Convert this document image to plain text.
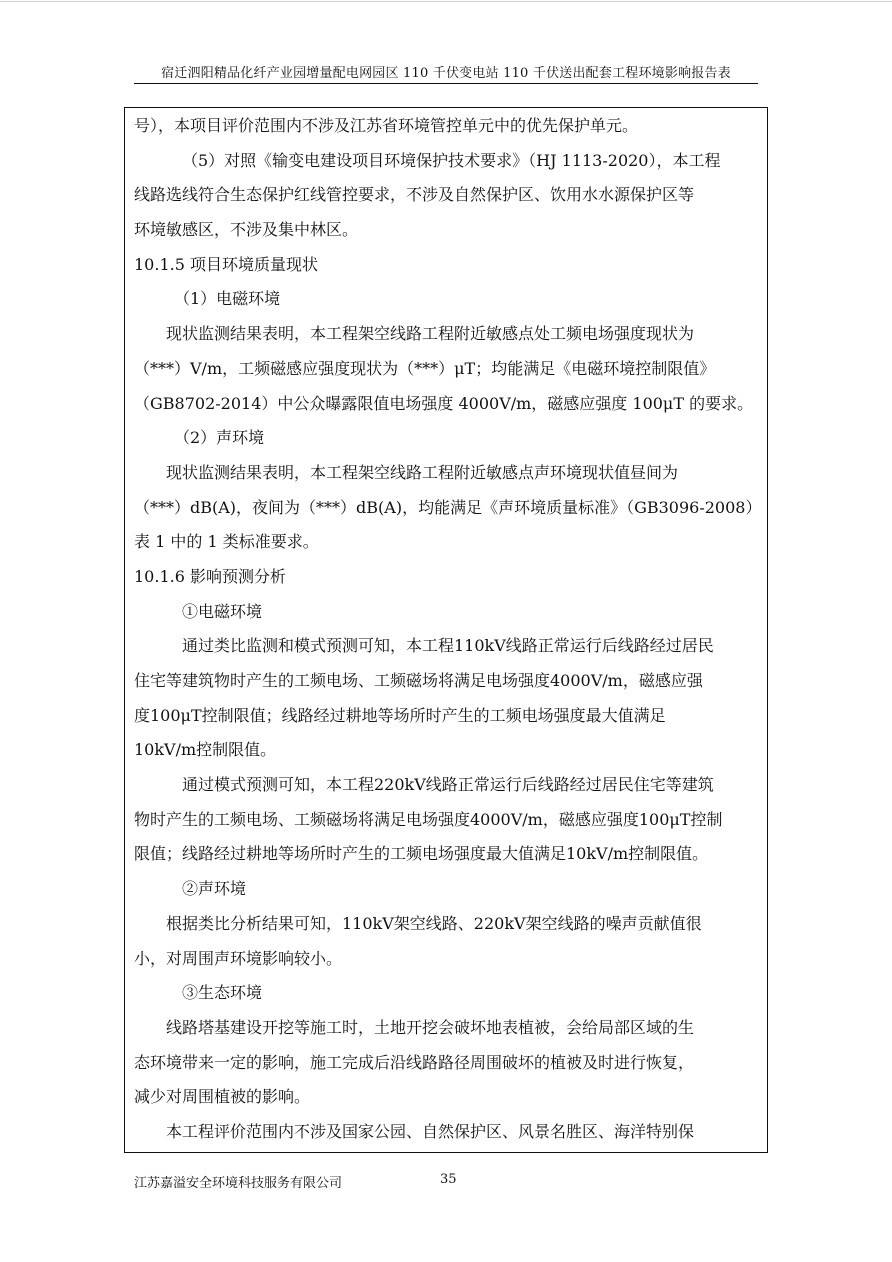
宿迁泗阳精品化纤产业园增量配电网园区 110 千伏变电站 110 千伏送出配套工程环境影响报告表
号），本项目评价范围内不涉及江苏省环境管控单元中的优先保护单元。
（5）对照《输变电建设项目环境保护技术要求》（HJ 1113-2020），本工程
线路选线符合生态保护红线管控要求，不涉及自然保护区、饮用水水源保护区等
环境敏感区，不涉及集中林区。
10.1.5 项目环境质量现状
（1）电磁环境
现状监测结果表明，本工程架空线路工程附近敏感点处工频电场强度现状为
（***）V/m，工频磁感应强度现状为（***）μT；均能满足《电磁环境控制限值》
（GB8702-2014）中公众曝露限值电场强度 4000V/m，磁感应强度 100μT 的要求。
（2）声环境
现状监测结果表明，本工程架空线路工程附近敏感点声环境现状值昼间为
（***）dB(A)，夜间为（***）dB(A)，均能满足《声环境质量标准》（GB3096-2008）
表 1 中的 1 类标准要求。
10.1.6 影响预测分析
①电磁环境
通过类比监测和模式预测可知，本工程110kV线路正常运行后线路经过居民
住宅等建筑物时产生的工频电场、工频磁场将满足电场强度4000V/m，磁感应强
度100μT控制限值；线路经过耕地等场所时产生的工频电场强度最大值满足
10kV/m控制限值。
通过模式预测可知，本工程220kV线路正常运行后线路经过居民住宅等建筑
物时产生的工频电场、工频磁场将满足电场强度4000V/m，磁感应强度100μT控制
限值；线路经过耕地等场所时产生的工频电场强度最大值满足10kV/m控制限值。
②声环境
根据类比分析结果可知，110kV架空线路、220kV架空线路的噪声贡献值很
小，对周围声环境影响较小。
③生态环境
线路塔基建设开挖等施工时，土地开挖会破坏地表植被，会给局部区域的生
态环境带来一定的影响，施工完成后沿线路路径周围破坏的植被及时进行恢复，
减少对周围植被的影响。
本工程评价范围内不涉及国家公园、自然保护区、风景名胜区、海洋特别保
江苏嘉溢安全环境科技服务有限公司	35
